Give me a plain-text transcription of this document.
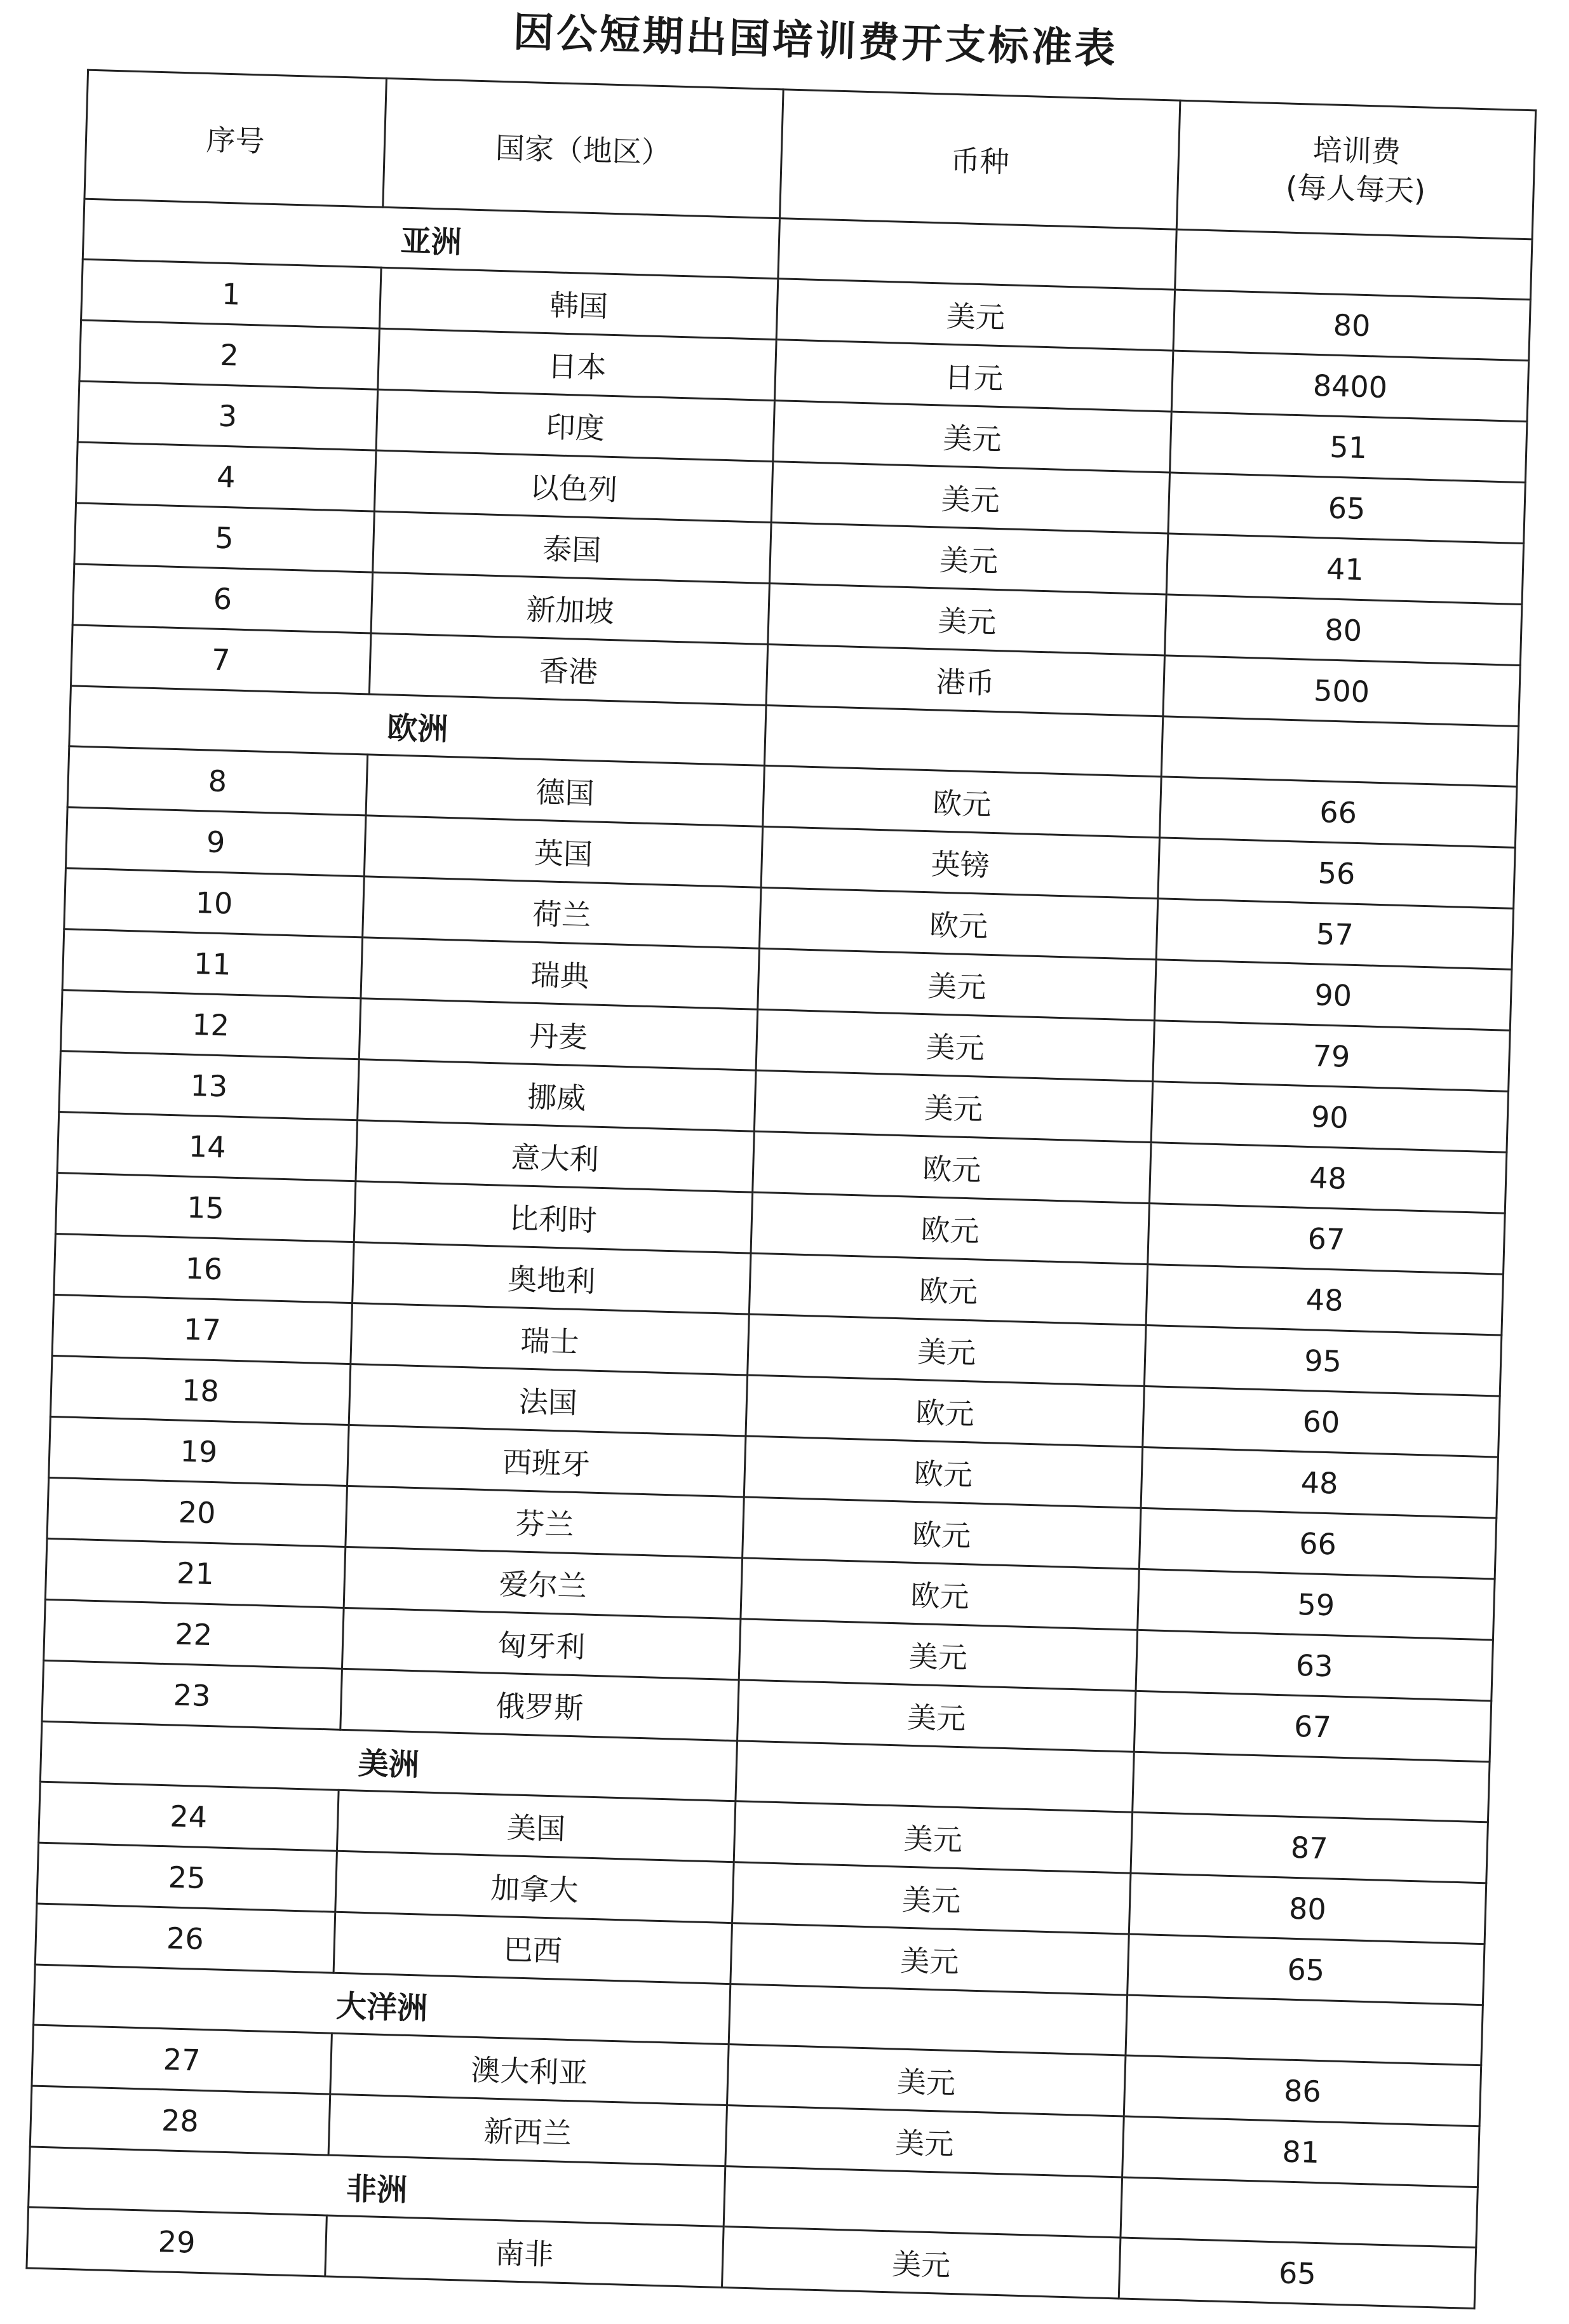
因公短期出国培训费开支标准表
序号	国家（地区）	币种	培训费
(每人每天)

亚洲			
1	韩国	美元	80
2	日本	日元	8400
3	印度	美元	51
4	以色列	美元	65
5	泰国	美元	41
6	新加坡	美元	80
7	香港	港币	500
欧洲			
8	德国	欧元	66
9	英国	英镑	56
10	荷兰	欧元	57
11	瑞典	美元	90
12	丹麦	美元	79
13	挪威	美元	90
14	意大利	欧元	48
15	比利时	欧元	67
16	奥地利	欧元	48
17	瑞士	美元	95
18	法国	欧元	60
19	西班牙	欧元	48
20	芬兰	欧元	66
21	爱尔兰	欧元	59
22	匈牙利	美元	63
23	俄罗斯	美元	67
美洲			
24	美国	美元	87
25	加拿大	美元	80
26	巴西	美元	65
大洋洲			
27	澳大利亚	美元	86
28	新西兰	美元	81
非洲			
29	南非	美元	65
